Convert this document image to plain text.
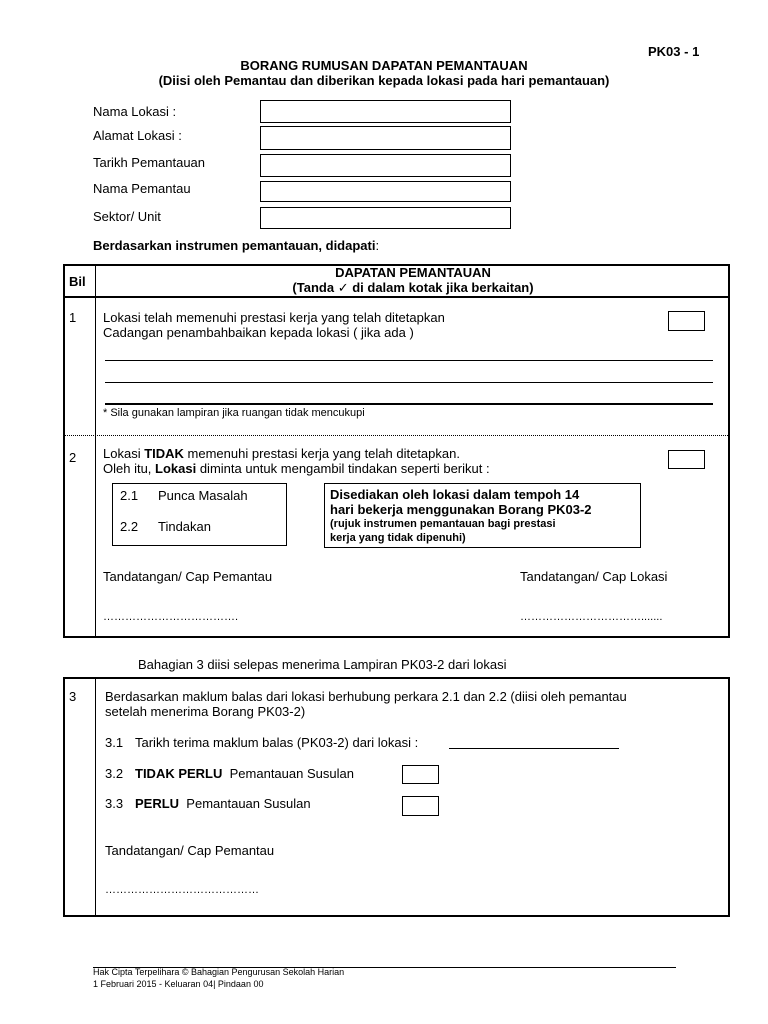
PK03 - 1
BORANG RUMUSAN DAPATAN PEMANTAUAN
(Diisi oleh Pemantau dan diberikan kepada lokasi pada hari pemantauan)
Nama Lokasi :
Alamat Lokasi :
Tarikh Pemantauan
Nama Pemantau
Sektor/ Unit
Berdasarkan instrumen pemantauan, didapati:
Bil
DAPATAN PEMANTAUAN
(Tanda ✓ di dalam kotak jika berkaitan)
1 Lokasi telah memenuhi prestasi kerja yang telah ditetapkan
Cadangan penambahbaikan kepada lokasi ( jika ada )
* Sila gunakan lampiran jika ruangan tidak mencukupi
2 Lokasi TIDAK memenuhi prestasi kerja yang telah ditetapkan.
Oleh itu, Lokasi diminta untuk mengambil tindakan seperti berikut :
2.1 Punca Masalah
2.2 Tindakan
Disediakan oleh lokasi dalam tempoh 14
hari bekerja menggunakan Borang PK03-2
(rujuk instrumen pemantauan bagi prestasi
kerja yang tidak dipenuhi)
Tandatangan/ Cap Pemantau	Tandatangan/ Cap Lokasi
……………………………….	…………………………….......
Bahagian 3 diisi selepas menerima Lampiran PK03-2 dari lokasi
3 Berdasarkan maklum balas dari lokasi berhubung perkara 2.1 dan 2.2 (diisi oleh pemantau
setelah menerima Borang PK03-2)
3.1 Tarikh terima maklum balas (PK03-2) dari lokasi :
3.2 TIDAK PERLU Pemantauan Susulan
3.3 PERLU Pemantauan Susulan
Tandatangan/ Cap Pemantau
……………………………………
Hak Cipta Terpelihara © Bahagian Pengurusan Sekolah Harian
1 Februari 2015 - Keluaran 04| Pindaan 00
